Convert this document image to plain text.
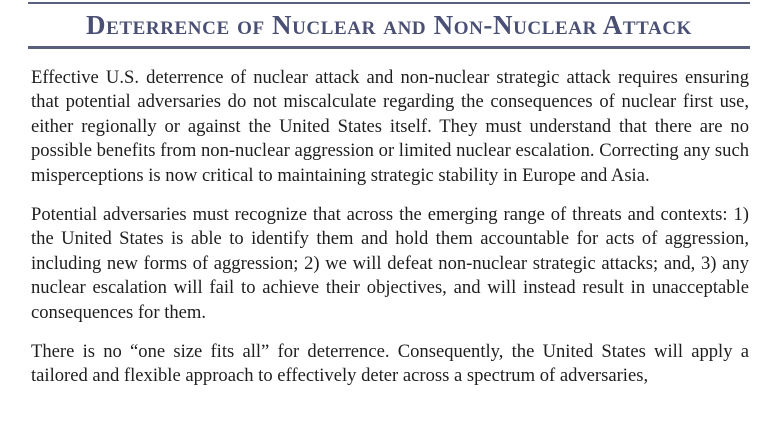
Deterrence of Nuclear and Non-Nuclear Attack

Effective U.S. deterrence of nuclear attack and non-nuclear strategic attack requires ensuring that potential adversaries do not miscalculate regarding the consequences of nuclear first use, either regionally or against the United States itself. They must understand that there are no possible benefits from non-nuclear aggression or limited nuclear escalation. Correcting any such misperceptions is now critical to maintaining strategic stability in Europe and Asia.

Potential adversaries must recognize that across the emerging range of threats and contexts: 1) the United States is able to identify them and hold them accountable for acts of aggression, including new forms of aggression; 2) we will defeat non-nuclear strategic attacks; and, 3) any nuclear escalation will fail to achieve their objectives, and will instead result in unacceptable consequences for them.

There is no “one size fits all” for deterrence. Consequently, the United States will apply a tailored and flexible approach to effectively deter across a spectrum of adversaries,
